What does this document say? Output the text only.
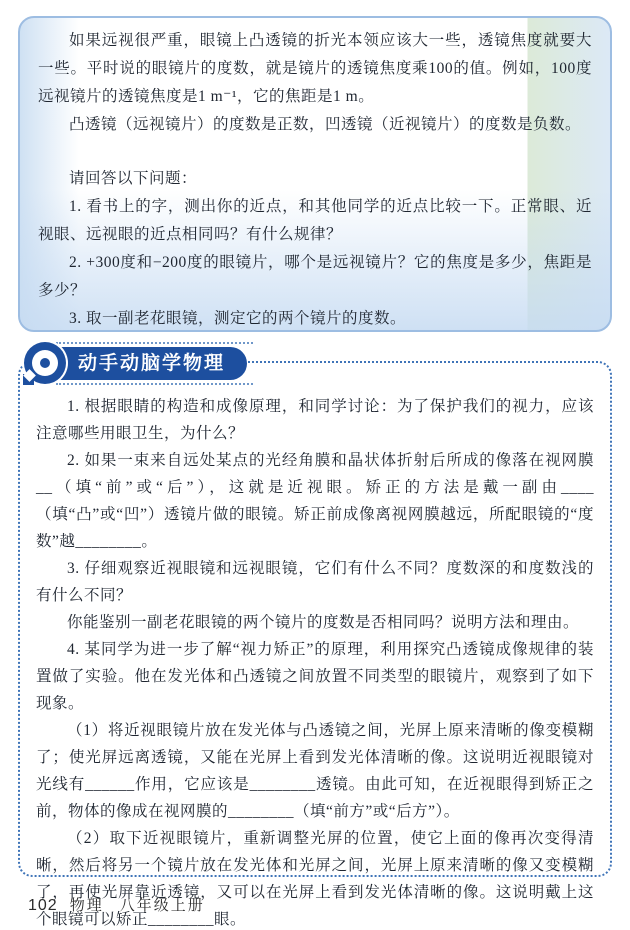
如果远视很严重，眼镜上凸透镜的折光本领应该大一些，透镜焦度就要大一些。平时说的眼镜片的度数，就是镜片的透镜焦度乘100的值。例如，100度远视镜片的透镜焦度是1 m⁻¹，它的焦距是1 m。

凸透镜（远视镜片）的度数是正数，凹透镜（近视镜片）的度数是负数。

请回答以下问题：

1. 看书上的字，测出你的近点，和其他同学的近点比较一下。正常眼、近视眼、远视眼的近点相同吗？有什么规律？

2. +300度和−200度的眼镜片，哪个是远视镜片？它的焦度是多少，焦距是多少？

3. 取一副老花眼镜，测定它的两个镜片的度数。

动手动脑学物理

1. 根据眼睛的构造和成像原理，和同学讨论：为了保护我们的视力，应该注意哪些用眼卫生，为什么？

2. 如果一束来自远处某点的光经角膜和晶状体折射后所成的像落在视网膜__（填“前”或“后”），这就是近视眼。矫正的方法是戴一副由____（填“凸”或“凹”）透镜片做的眼镜。矫正前成像离视网膜越远，所配眼镜的“度数”越________。

3. 仔细观察近视眼镜和远视眼镜，它们有什么不同？度数深的和度数浅的有什么不同？

你能鉴别一副老花眼镜的两个镜片的度数是否相同吗？说明方法和理由。

4. 某同学为进一步了解“视力矫正”的原理，利用探究凸透镜成像规律的装置做了实验。他在发光体和凸透镜之间放置不同类型的眼镜片，观察到了如下现象。

（1）将近视眼镜片放在发光体与凸透镜之间，光屏上原来清晰的像变模糊了；使光屏远离透镜，又能在光屏上看到发光体清晰的像。这说明近视眼镜对光线有______作用，它应该是________透镜。由此可知，在近视眼得到矫正之前，物体的像成在视网膜的________（填“前方”或“后方”）。

（2）取下近视眼镜片，重新调整光屏的位置，使它上面的像再次变得清晰，然后将另一个镜片放在发光体和光屏之间，光屏上原来清晰的像又变模糊了，再使光屏靠近透镜，又可以在光屏上看到发光体清晰的像。这说明戴上这个眼镜可以矫正________眼。

102 物理 八年级上册
